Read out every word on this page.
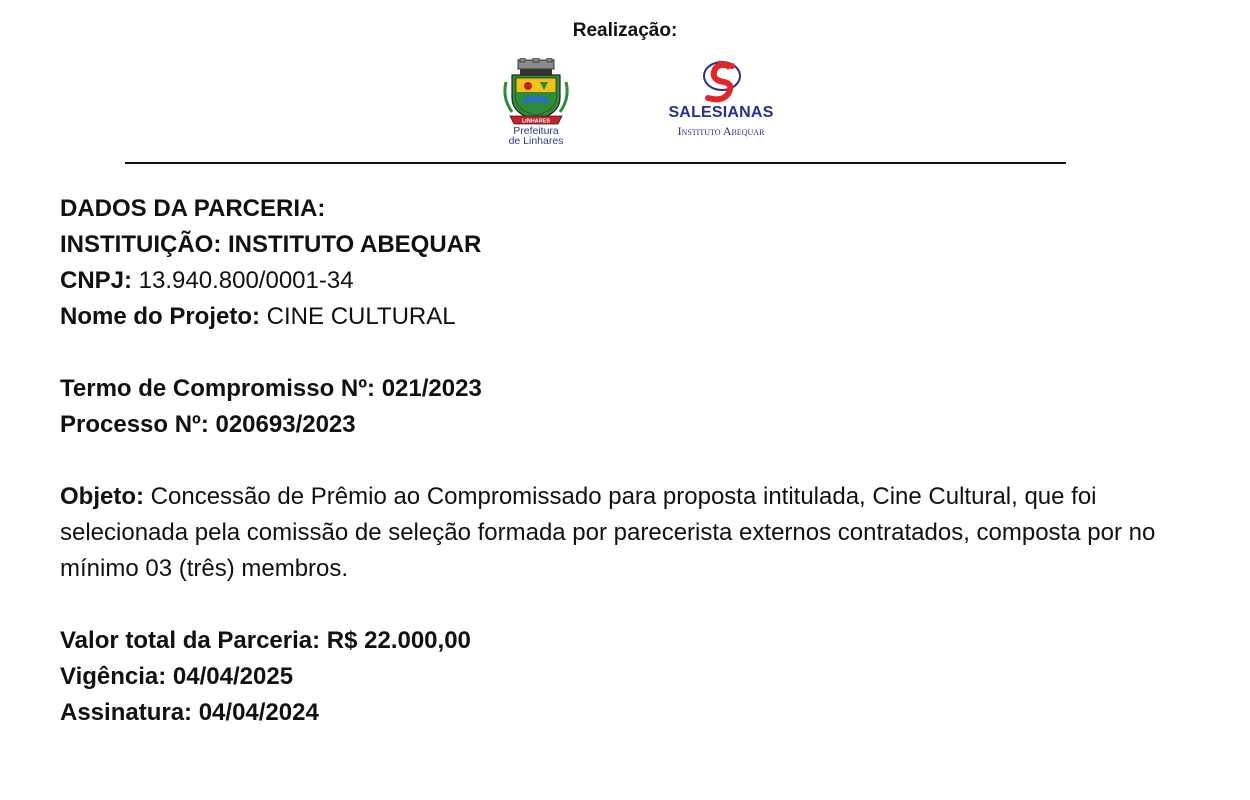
Realização:
LINHARES
Prefeitura
de Linhares
SALESIANAS
Instituto Abequar

DADOS DA PARCERIA:

INSTITUIÇÃO: INSTITUTO ABEQUAR

CNPJ: 13.940.800/0001-34

Nome do Projeto: CINE CULTURAL

Termo de Compromisso Nº: 021/2023

Processo Nº: 020693/2023

Objeto: Concessão de Prêmio ao Compromissado para proposta intitulada, Cine Cultural, que foi selecionada pela comissão de seleção formada por parecerista externos contratados, composta por no mínimo 03 (três) membros.

Valor total da Parceria: R$ 22.000,00

Vigência: 04/04/2025

Assinatura: 04/04/2024
